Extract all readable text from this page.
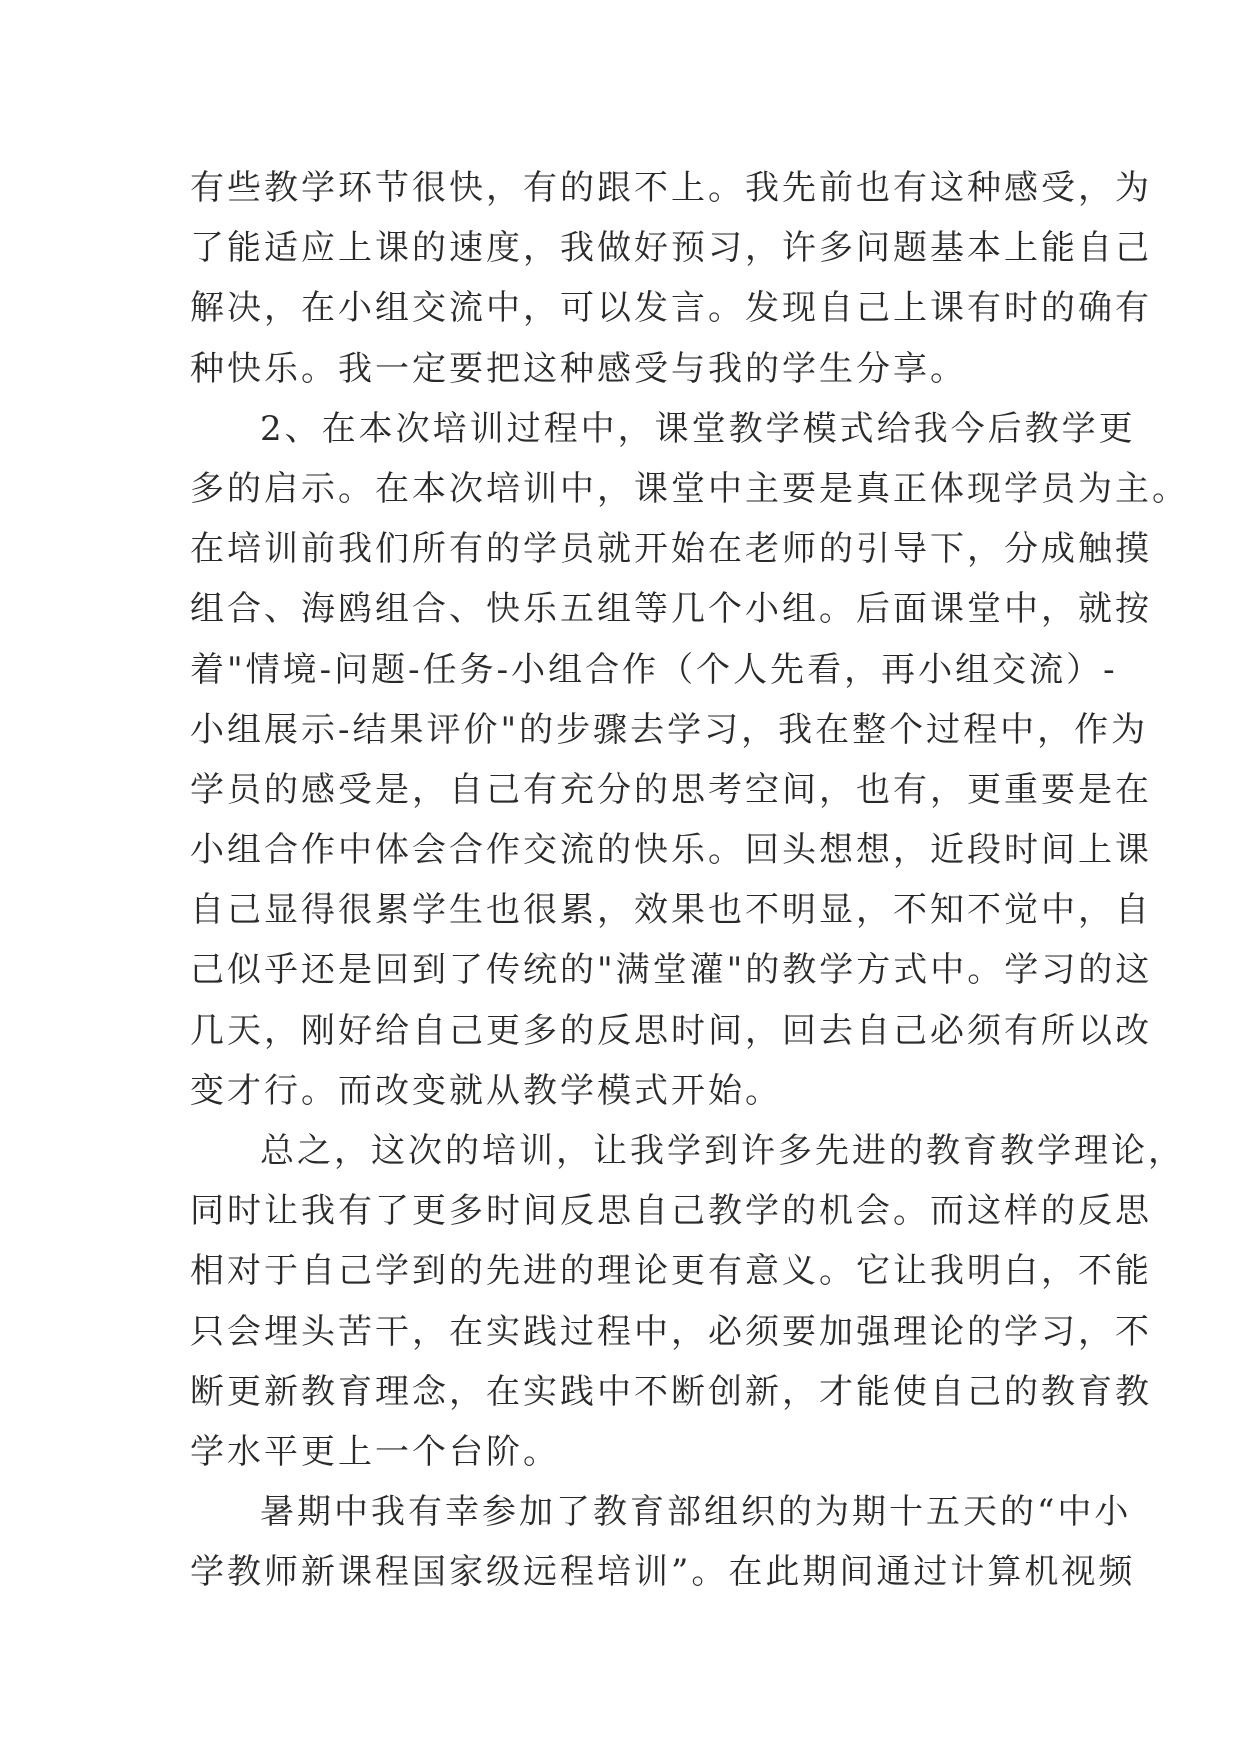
有些教学环节很快，有的跟不上。我先前也有这种感受，为
了能适应上课的速度，我做好预习，许多问题基本上能自己
解决，在小组交流中，可以发言。发现自己上课有时的确有
种快乐。我一定要把这种感受与我的学生分享。
2、在本次培训过程中，课堂教学模式给我今后教学更
多的启示。在本次培训中，课堂中主要是真正体现学员为主。
在培训前我们所有的学员就开始在老师的引导下，分成触摸
组合、海鸥组合、快乐五组等几个小组。后面课堂中，就按
着"情境-问题-任务-小组合作（个人先看，再小组交流）-
小组展示-结果评价"的步骤去学习，我在整个过程中，作为
学员的感受是，自己有充分的思考空间，也有，更重要是在
小组合作中体会合作交流的快乐。回头想想，近段时间上课
自己显得很累学生也很累，效果也不明显，不知不觉中，自
己似乎还是回到了传统的"满堂灌"的教学方式中。学习的这
几天，刚好给自己更多的反思时间，回去自己必须有所以改
变才行。而改变就从教学模式开始。
总之，这次的培训，让我学到许多先进的教育教学理论，
同时让我有了更多时间反思自己教学的机会。而这样的反思
相对于自己学到的先进的理论更有意义。它让我明白，不能
只会埋头苦干，在实践过程中，必须要加强理论的学习，不
断更新教育理念，在实践中不断创新，才能使自己的教育教
学水平更上一个台阶。
暑期中我有幸参加了教育部组织的为期十五天的“中小
学教师新课程国家级远程培训”。在此期间通过计算机视频
